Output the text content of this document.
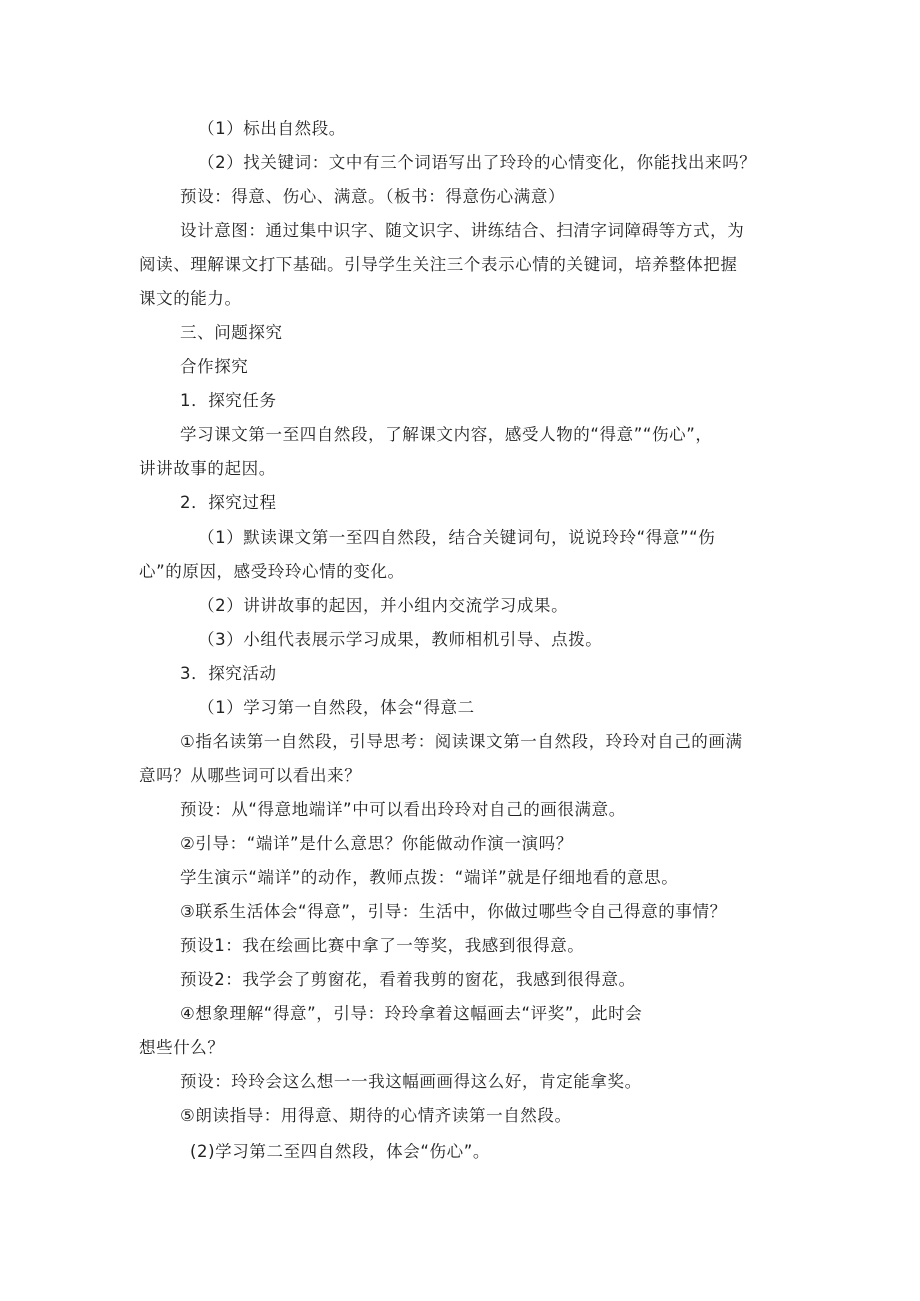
（1）标出自然段。
（2）找关键词：文中有三个词语写出了玲玲的心情变化，你能找出来吗？
预设：得意、伤心、满意。（板书：得意伤心满意）
设计意图：通过集中识字、随文识字、讲练结合、扫清字词障碍等方式，为
阅读、理解课文打下基础。引导学生关注三个表示心情的关键词，培养整体把握
课文的能力。
三、问题探究
合作探究
1．探究任务
学习课文第一至四自然段，了解课文内容，感受人物的“得意”“伤心”，
讲讲故事的起因。
2．探究过程
（1）默读课文第一至四自然段，结合关键词句，说说玲玲“得意”“伤
心”的原因，感受玲玲心情的变化。
（2）讲讲故事的起因，并小组内交流学习成果。
（3）小组代表展示学习成果，教师相机引导、点拨。
3．探究活动
（1）学习第一自然段，体会“得意二
①指名读第一自然段，引导思考：阅读课文第一自然段，玲玲对自己的画满
意吗？从哪些词可以看出来？
预设：从“得意地端详”中可以看出玲玲对自己的画很满意。
②引导：“端详”是什么意思？你能做动作演一演吗？
学生演示“端详”的动作，教师点拨：“端详”就是仔细地看的意思。
③联系生活体会“得意”，引导：生活中，你做过哪些令自己得意的事情？
预设1：我在绘画比赛中拿了一等奖，我感到很得意。
预设2：我学会了剪窗花，看着我剪的窗花，我感到很得意。
④想象理解“得意”，引导：玲玲拿着这幅画去“评奖”，此时会
想些什么？
预设：玲玲会这么想一一我这幅画画得这么好，肯定能拿奖。
⑤朗读指导：用得意、期待的心情齐读第一自然段。
(2)学习第二至四自然段，体会“伤心”。
